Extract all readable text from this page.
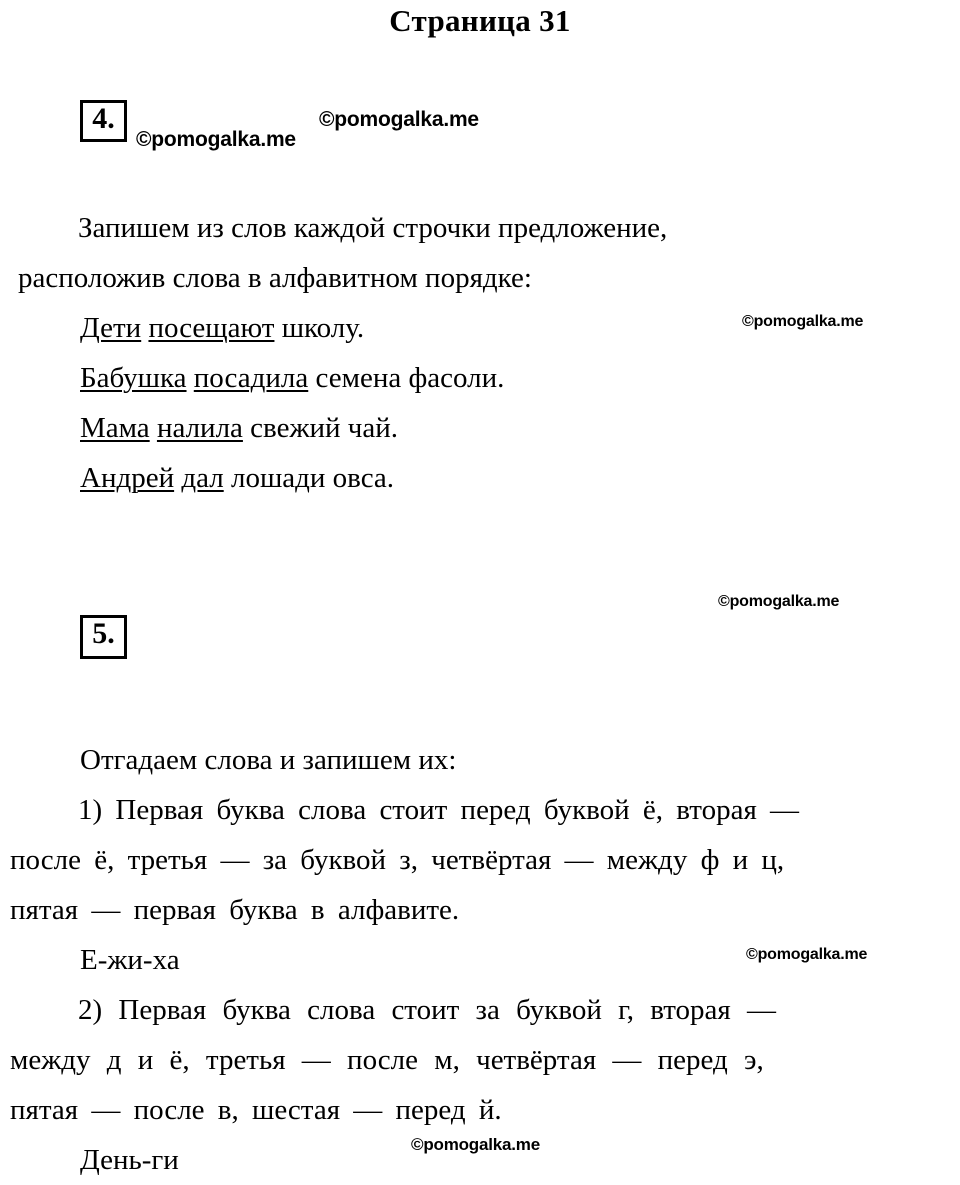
Страница 31
4.
Запишем из слов каждой строчки предложение,
расположив слова в алфавитном порядке:
Дети посещают школу.
Бабушка посадила семена фасоли.
Мама налила свежий чай.
Андрей дал лошади овса.
5.
Отгадаем слова и запишем их:
1) Первая буква слова стоит перед буквой ё, вторая —
после ё, третья — за буквой з, четвёртая — между ф и ц,
пятая — первая буква в алфавите.
Е-жи-ха
2) Первая буква слова стоит за буквой г, вторая —
между д и ё, третья — после м, четвёртая — перед э,
пятая — после в, шестая — перед й.
День-ги
©pomogalka.me
©pomogalka.me
©pomogalka.me
©pomogalka.me
©pomogalka.me
©pomogalka.me
